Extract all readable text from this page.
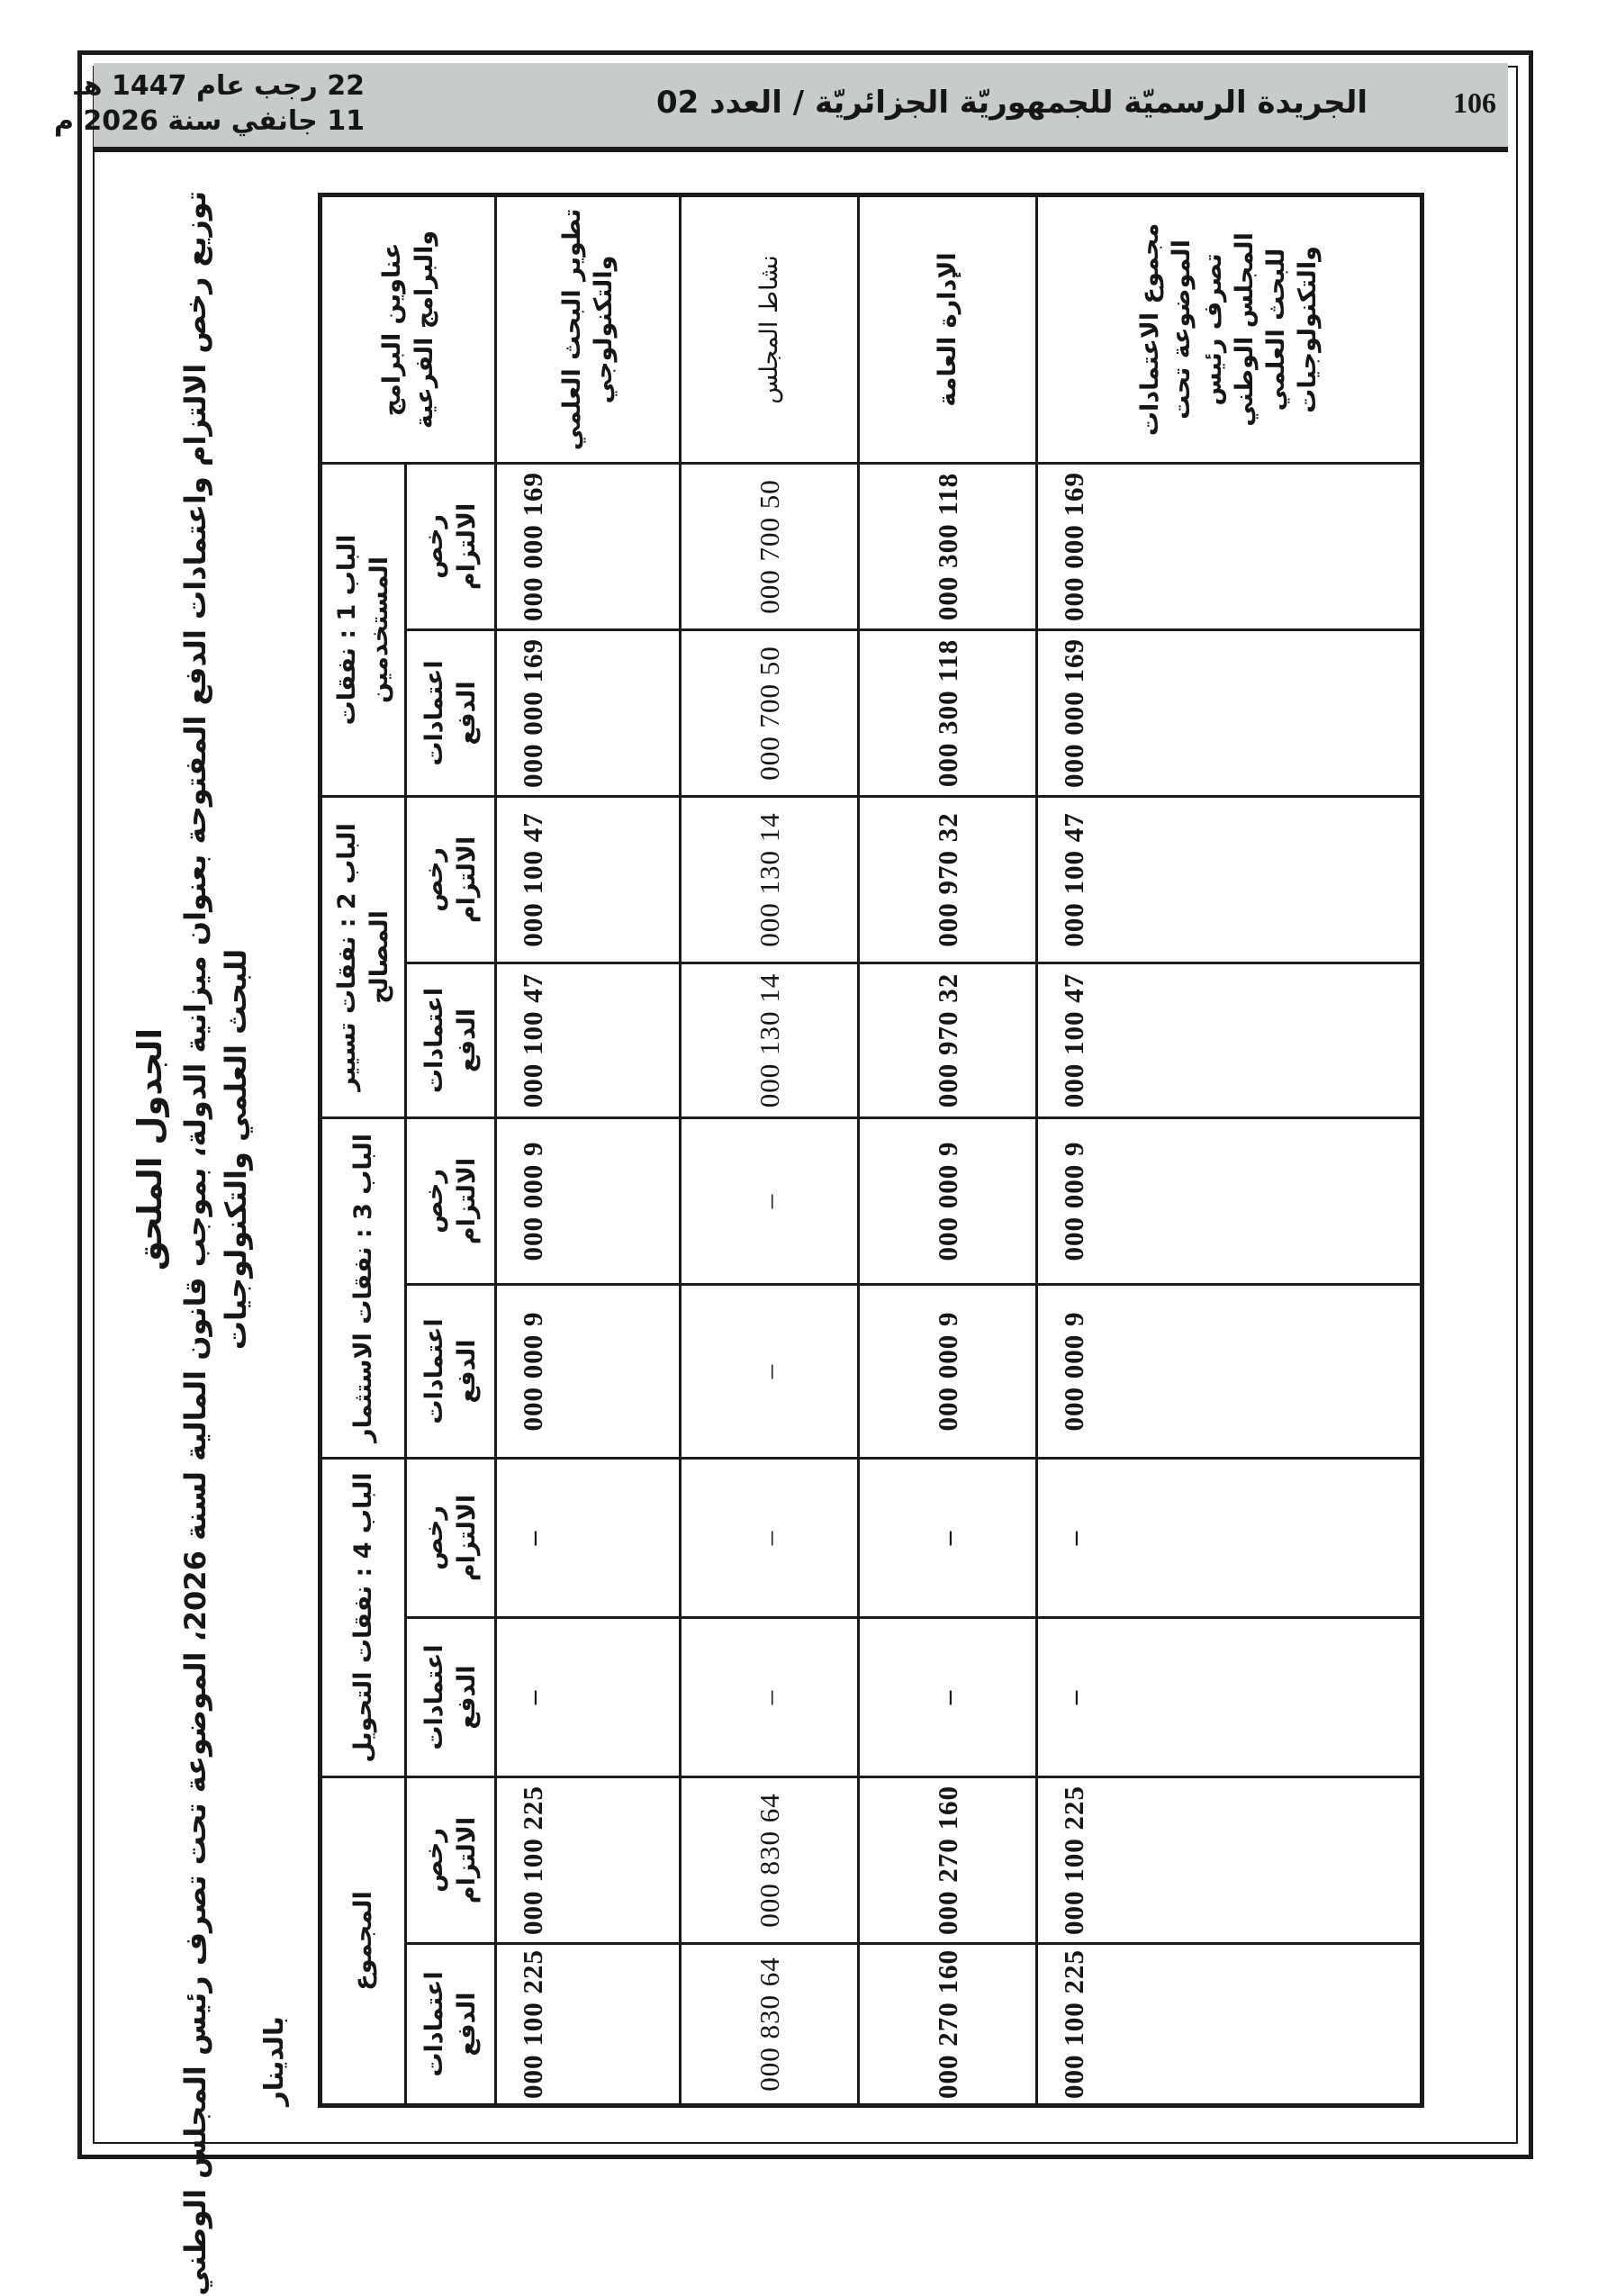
22 رجب عام 1447 هـ
11 جانفي سنة 2026 م
الجريدة الرسميّة للجمهوريّة الجزائريّة / العدد 02	106
الجدول الملحق
توزيع رخص الالتزام واعتمادات الدفع المفتوحة بعنوان ميزانية الدولة، بموجب قانون المالية لسنة 2026، الموضوعة تحت تصرف رئيس المجلس الوطني للبحث العلمي والتكنولوجيات
بالدينار
عناوين البرامج والبرامج الفرعية	الباب 1 : نفقات المستخدمين		الباب 2 : نفقات تسيير المصالح		الباب 3 : نفقات الاستثمار		الباب 4 : نفقات التحويل		المجموع	
	رخص الالتزام	اعتمادات الدفع	رخص الالتزام	اعتمادات الدفع	رخص الالتزام	اعتمادات الدفع	رخص الالتزام	اعتمادات الدفع	رخص الالتزام	اعتمادات الدفع
تطوير البحث العلمي والتكنولوجي	169 000 000	169 000 000	47 100 000	47 100 000	9 000 000	9 000 000	–	–	225 100 000	225 100 000
نشاط المجلس	50 700 000	50 700 000	14 130 000	14 130 000	–	–	–	–	64 830 000	64 830 000
الإدارة العامة	118 300 000	118 300 000	32 970 000	32 970 000	9 000 000	9 000 000	–	–	160 270 000	160 270 000
مجموع الاعتمادات الموضوعة تحت تصرف رئيس المجلس الوطني للبحث العلمي والتكنولوجيات	169 000 000	169 000 000	47 100 000	47 100 000	9 000 000	9 000 000	–	–	225 100 000	225 100 000
